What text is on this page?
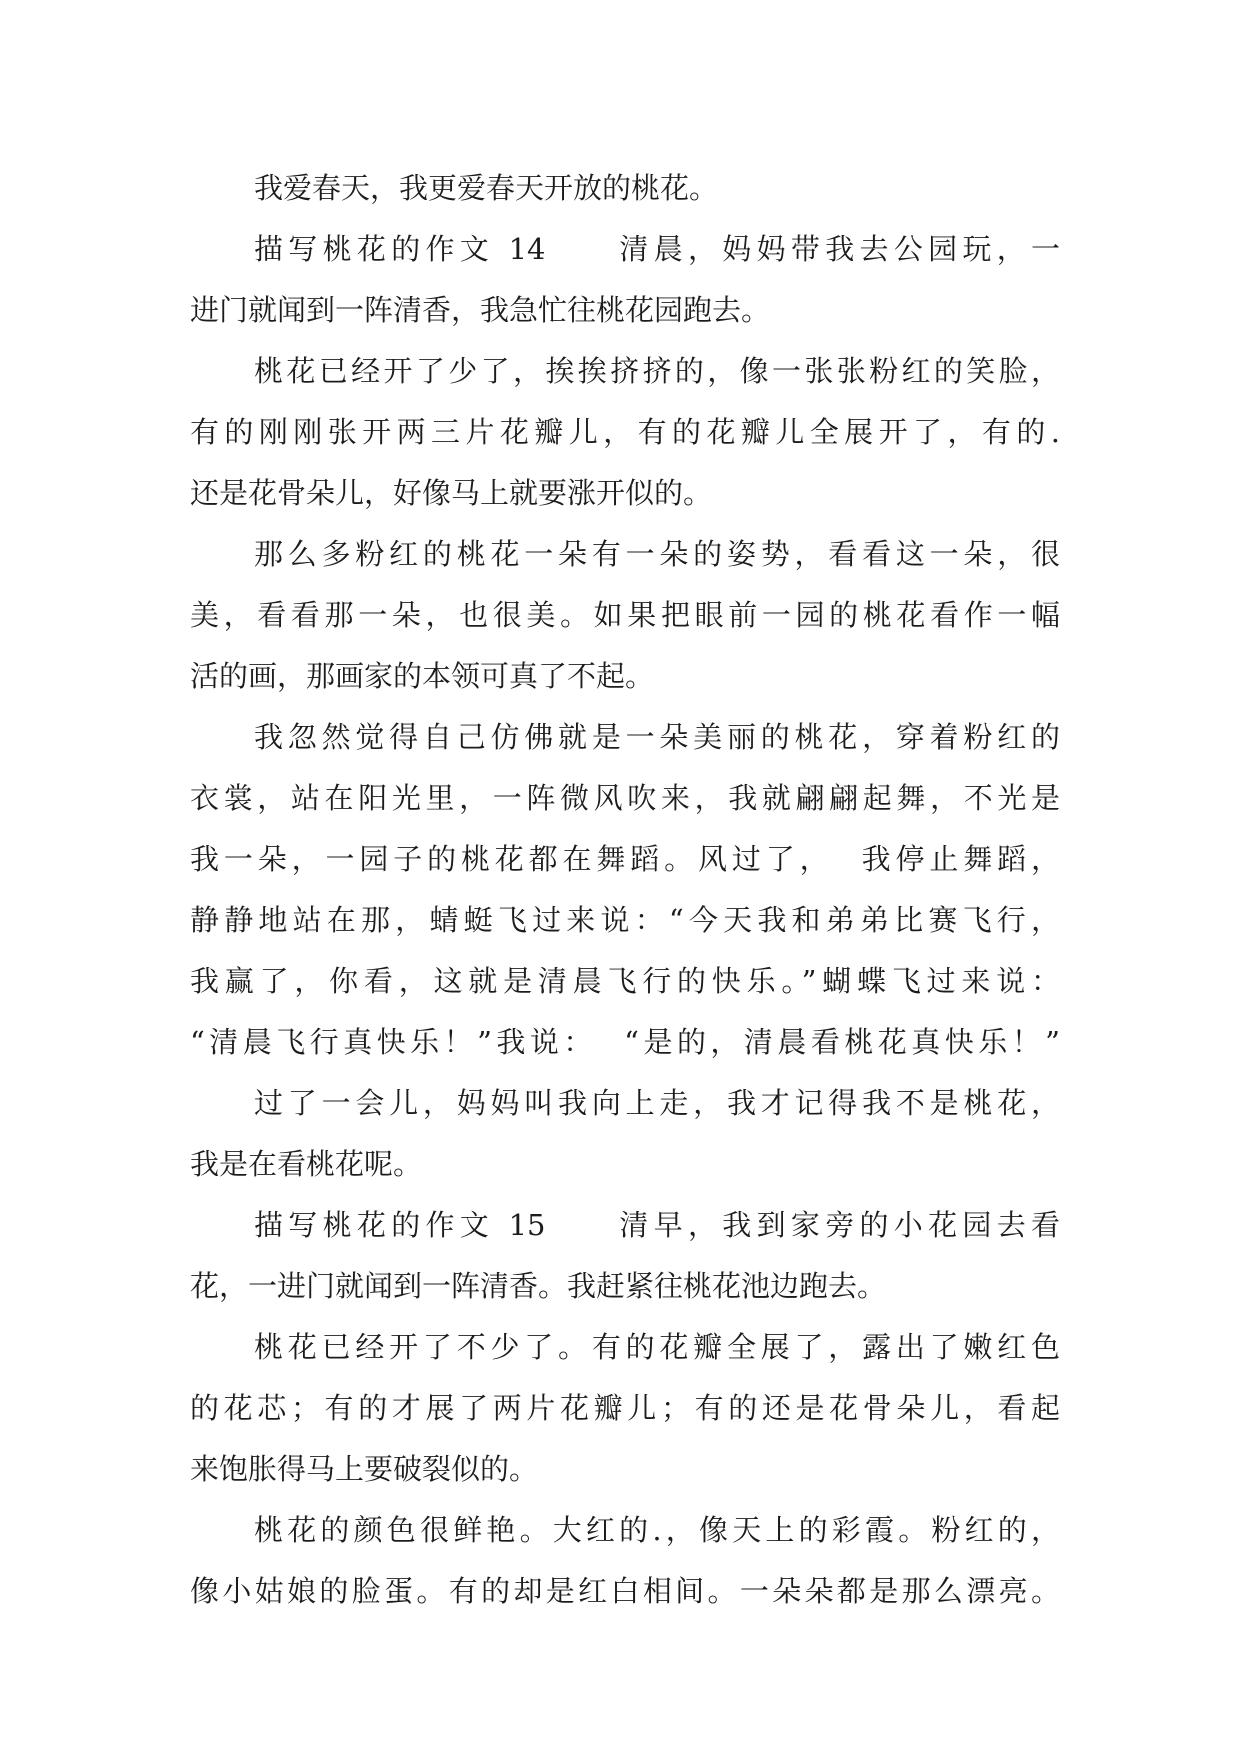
我爱春天，我更爱春天开放的桃花。

描写桃花的作文 14　　清晨，妈妈带我去公园玩，一

进门就闻到一阵清香，我急忙往桃花园跑去。

桃花已经开了少了，挨挨挤挤的，像一张张粉红的笑脸，

有的刚刚张开两三片花瓣儿，有的花瓣儿全展开了，有的.

还是花骨朵儿，好像马上就要涨开似的。

那么多粉红的桃花一朵有一朵的姿势，看看这一朵，很

美，看看那一朵，也很美。如果把眼前一园的桃花看作一幅

活的画，那画家的本领可真了不起。

我忽然觉得自己仿佛就是一朵美丽的桃花，穿着粉红的

衣裳，站在阳光里，一阵微风吹来，我就翩翩起舞，不光是

我一朵，一园子的桃花都在舞蹈。风过了，  我停止舞蹈，

静静地站在那，蜻蜓飞过来说：“今天我和弟弟比赛飞行，

我赢了，你看，这就是清晨飞行的快乐。”蝴蝶飞过来说：

“清晨飞行真快乐！”我说：  “是的，清晨看桃花真快乐！”

过了一会儿，妈妈叫我向上走，我才记得我不是桃花，

我是在看桃花呢。

描写桃花的作文 15　　清早，我到家旁的小花园去看

花，一进门就闻到一阵清香。我赶紧往桃花池边跑去。

桃花已经开了不少了。有的花瓣全展了，露出了嫩红色

的花芯；有的才展了两片花瓣儿；有的还是花骨朵儿，看起

来饱胀得马上要破裂似的。

桃花的颜色很鲜艳。大红的.，像天上的彩霞。粉红的，

像小姑娘的脸蛋。有的却是红白相间。一朵朵都是那么漂亮。
